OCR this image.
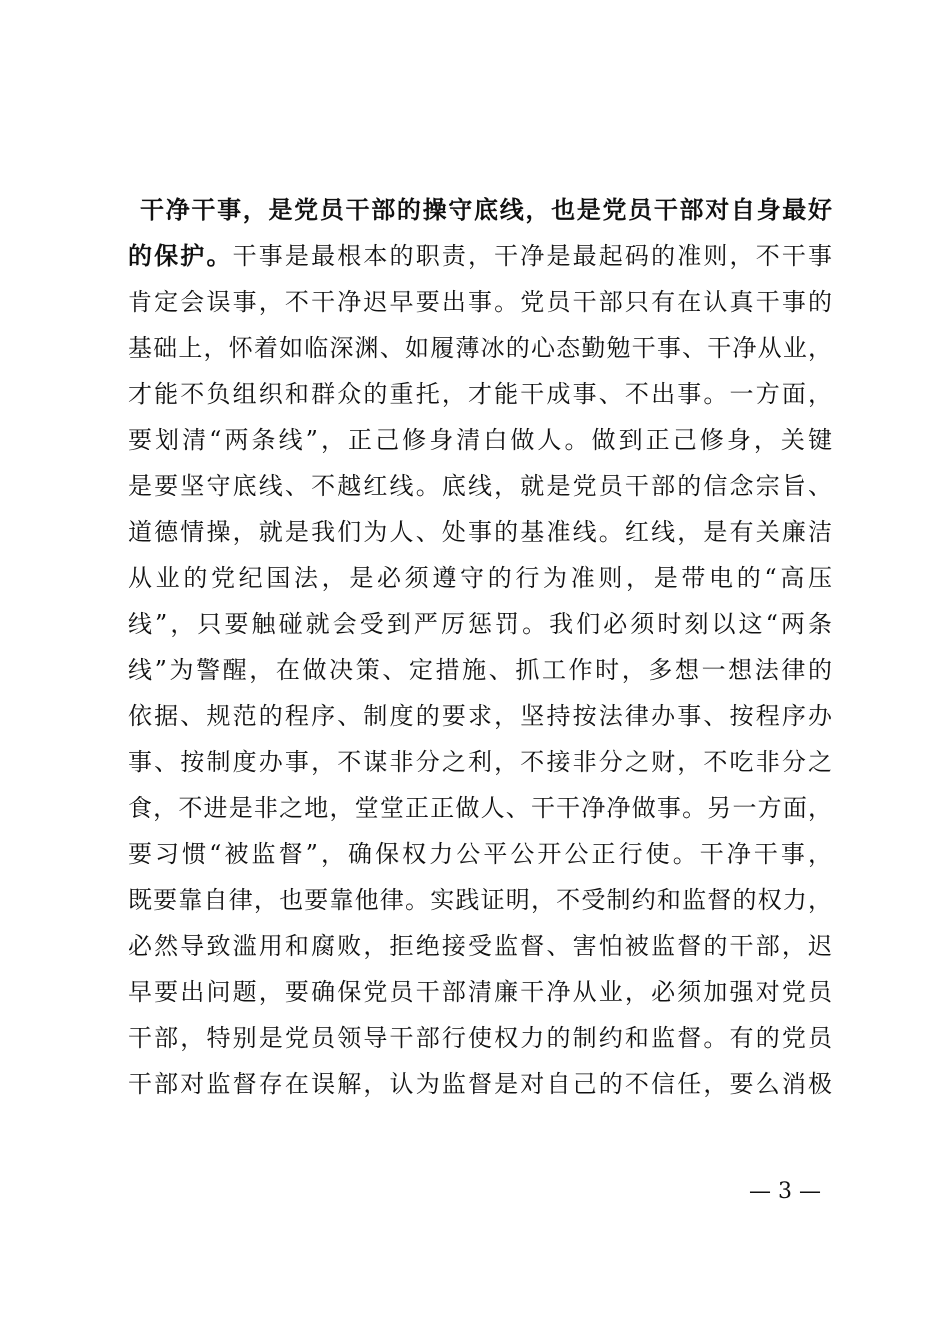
干净干事，是党员干部的操守底线，也是党员干部对自身最好
的保护。干事是最根本的职责，干净是最起码的准则，不干事
肯定会误事，不干净迟早要出事。党员干部只有在认真干事的
基础上，怀着如临深渊、如履薄冰的心态勤勉干事、干净从业，
才能不负组织和群众的重托，才能干成事、不出事。一方面，
要划清“两条线”，正己修身清白做人。做到正己修身，关键
是要坚守底线、不越红线。底线，就是党员干部的信念宗旨、
道德情操，就是我们为人、处事的基准线。红线，是有关廉洁
从业的党纪国法，是必须遵守的行为准则，是带电的“高压
线”，只要触碰就会受到严厉惩罚。我们必须时刻以这“两条
线”为警醒，在做决策、定措施、抓工作时，多想一想法律的
依据、规范的程序、制度的要求，坚持按法律办事、按程序办
事、按制度办事，不谋非分之利，不接非分之财，不吃非分之
食，不进是非之地，堂堂正正做人、干干净净做事。另一方面，
要习惯“被监督”，确保权力公平公开公正行使。干净干事，
既要靠自律，也要靠他律。实践证明，不受制约和监督的权力，
必然导致滥用和腐败，拒绝接受监督、害怕被监督的干部，迟
早要出问题，要确保党员干部清廉干净从业，必须加强对党员
干部，特别是党员领导干部行使权力的制约和监督。有的党员
干部对监督存在误解，认为监督是对自己的不信任，要么消极
— 3 —
